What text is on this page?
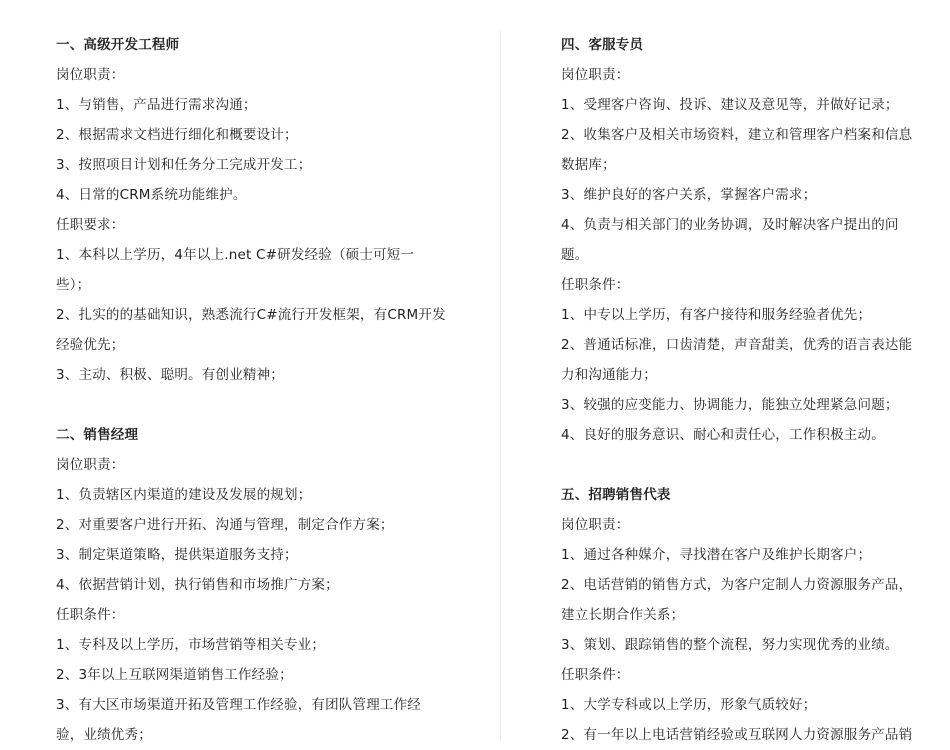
一、高级开发工程师
岗位职责：
1、与销售，产品进行需求沟通；
2、根据需求文档进行细化和概要设计；
3、按照项目计划和任务分工完成开发工；
4、日常的CRM系统功能维护。
任职要求：
1、本科以上学历，4年以上.net C#研发经验（硕士可短一
些）；
2、扎实的的基础知识，熟悉流行C#流行开发框架，有CRM开发
经验优先；
3、主动、积极、聪明。有创业精神；
二、销售经理
岗位职责：
1、负责辖区内渠道的建设及发展的规划；
2、对重要客户进行开拓、沟通与管理，制定合作方案；
3、制定渠道策略，提供渠道服务支持；
4、依据营销计划，执行销售和市场推广方案；
任职条件：
1、专科及以上学历，市场营销等相关专业；
2、3年以上互联网渠道销售工作经验；
3、有大区市场渠道开拓及管理工作经验，有团队管理工作经
验，业绩优秀；
四、客服专员
岗位职责：
1、受理客户咨询、投诉、建议及意见等，并做好记录；
2、收集客户及相关市场资料，建立和管理客户档案和信息
数据库；
3、维护良好的客户关系，掌握客户需求；
4、负责与相关部门的业务协调，及时解决客户提出的问
题。
任职条件：
1、中专以上学历，有客户接待和服务经验者优先；
2、普通话标准，口齿清楚，声音甜美，优秀的语言表达能
力和沟通能力；
3、较强的应变能力、协调能力，能独立处理紧急问题；
4、良好的服务意识、耐心和责任心，工作积极主动。
五、招聘销售代表
岗位职责：
1、通过各种媒介，寻找潜在客户及维护长期客户；
2、电话营销的销售方式，为客户定制人力资源服务产品，
建立长期合作关系；
3、策划、跟踪销售的整个流程，努力实现优秀的业绩。
任职条件：
1、大学专科或以上学历，形象气质较好；
2、有一年以上电话营销经验或互联网人力资源服务产品销
